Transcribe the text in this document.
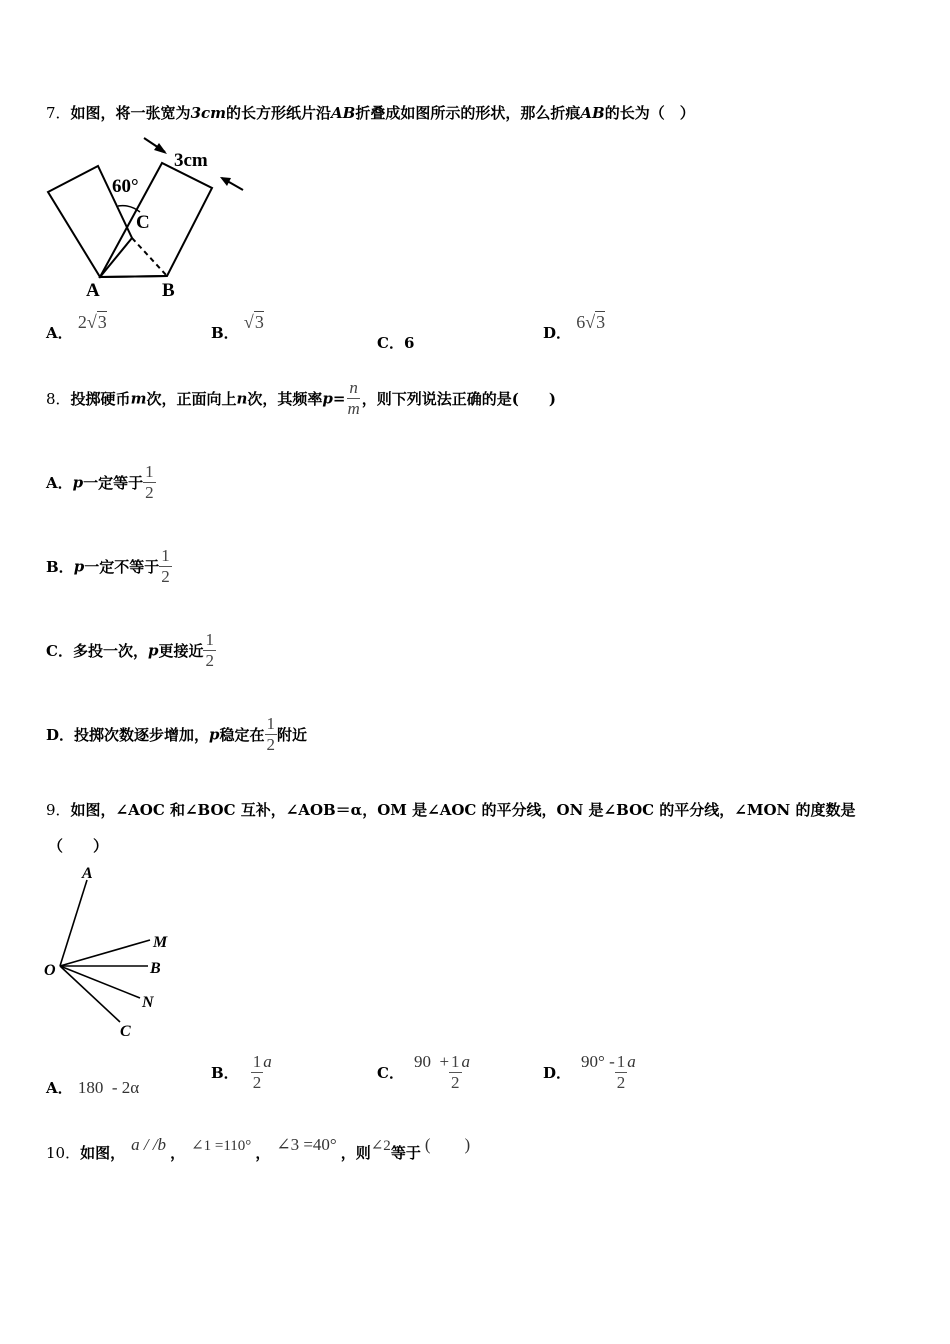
7．如图，将一张宽为3cm的长方形纸片沿AB折叠成如图所示的形状，那么折痕AB的长为（　）
3cm
60°
C
A	B
A． 2√3
B． √3
C．6
D． 6√3
8．投掷硬币m次，正面向上n次，其频率$p= \frac{n}{m}$ ，则下列说法正确的是(　　)
A．p一定等于 $\frac{1}{2}$
B．p一定不等于 $\frac{1}{2}$
C．多投一次，p更接近 $\frac{1}{2}$
D．投掷次数逐步增加，p稳定在 $\frac{1}{2}$ 附近
9．如图，∠AOC 和∠BOC 互补，∠AOB＝α，OM 是∠AOC 的平分线，ON 是∠BOC 的平分线，∠MON 的度数是
（　　）
A
M
B
O
N
C
A． 180  - 2α
B． $\frac{1}{2}$ a
C．$90 + \frac{1}{2}$ a
D．$90^\circ - \frac{1}{2}$ a
10．如图， a / /b ， ∠1 =110° ， ∠3 =40° ，则∠2等于 (　　)
